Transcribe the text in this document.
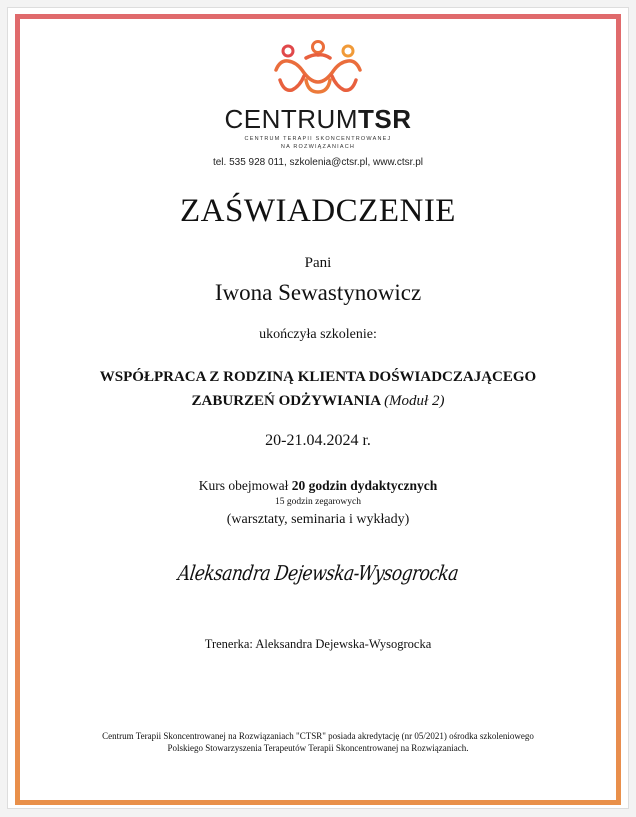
CENTRUMTSR
CENTRUM TERAPII SKONCENTROWANEJ
NA ROZWIĄZANIACH
tel. 535 928 011, szkolenia@ctsr.pl, www.ctsr.pl
ZAŚWIADCZENIE
Pani
Iwona Sewastynowicz
ukończyła szkolenie:
WSPÓŁPRACA Z RODZINĄ KLIENTA DOŚWIADCZAJĄCEGO
ZABURZEŃ ODŻYWIANIA (Moduł 2)
20-21.04.2024 r.
Kurs obejmował 20 godzin dydaktycznych
15 godzin zegarowych
(warsztaty, seminaria i wykłady)
Aleksandra Dejewska-Wysogrocka
Trenerka: Aleksandra Dejewska-Wysogrocka
Centrum Terapii Skoncentrowanej na Rozwiązaniach "CTSR" posiada akredytację (nr 05/2021) ośrodka szkoleniowego
Polskiego Stowarzyszenia Terapeutów Terapii Skoncentrowanej na Rozwiązaniach.
